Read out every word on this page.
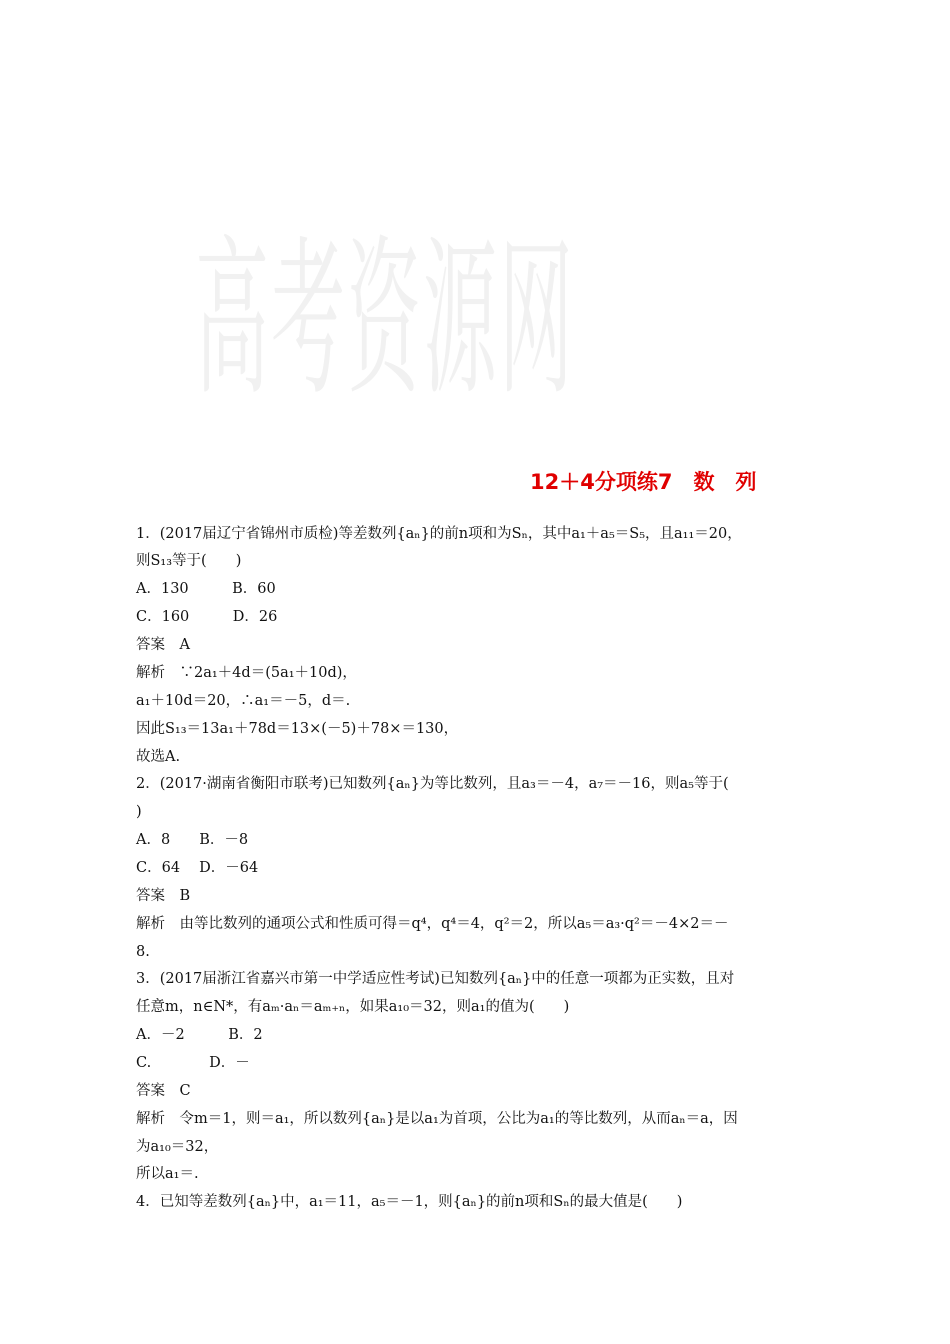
高考资源网
12＋4分项练7　数　列
1．(2017届辽宁省锦州市质检)等差数列{aₙ}的前n项和为Sₙ，其中a₁＋a₅＝S₅，且a₁₁＝20，
则S₁₃等于(　　)
A．130　　　B．60
C．160　　　D．26
答案　A
解析　∵2a₁＋4d＝(5a₁＋10d)，
a₁＋10d＝20，∴a₁＝－5，d＝.
因此S₁₃＝13a₁＋78d＝13×(－5)＋78×＝130，
故选A.
2．(2017·湖南省衡阳市联考)已知数列{aₙ}为等比数列，且a₃＝－4，a₇＝－16，则a₅等于(
)
A．8　　B．－8
C．64　 D．－64
答案　B
解析　由等比数列的通项公式和性质可得＝q⁴，q⁴＝4，q²＝2，所以a₅＝a₃·q²＝－4×2＝－
8.
3．(2017届浙江省嘉兴市第一中学适应性考试)已知数列{aₙ}中的任意一项都为正实数，且对
任意m，n∈N*，有aₘ·aₙ＝aₘ₊ₙ，如果a₁₀＝32，则a₁的值为(　　)
A．－2　　　B．2
C.　　　　D．－
答案　C
解析　令m＝1，则＝a₁，所以数列{aₙ}是以a₁为首项，公比为a₁的等比数列，从而aₙ＝a，因
为a₁₀＝32，
所以a₁＝.
4．已知等差数列{aₙ}中，a₁＝11，a₅＝－1，则{aₙ}的前n项和Sₙ的最大值是(　　)
